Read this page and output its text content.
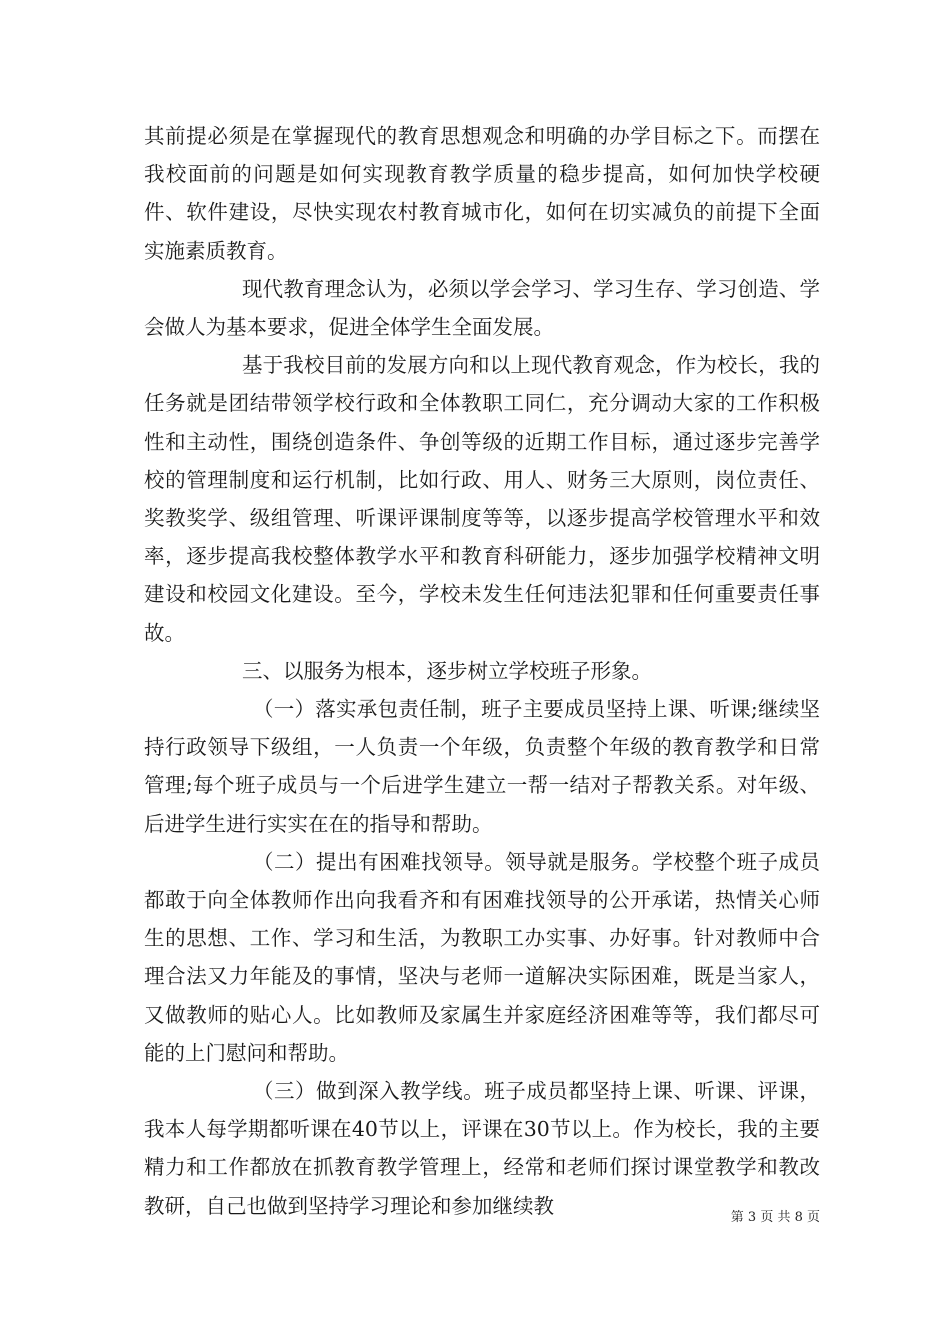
其前提必须是在掌握现代的教育思想观念和明确的办学目标之下。而摆在我校面前的问题是如何实现教育教学质量的稳步提高，如何加快学校硬件、软件建设，尽快实现农村教育城市化，如何在切实减负的前提下全面实施素质教育。

现代教育理念认为，必须以学会学习、学习生存、学习创造、学会做人为基本要求，促进全体学生全面发展。

基于我校目前的发展方向和以上现代教育观念，作为校长，我的任务就是团结带领学校行政和全体教职工同仁，充分调动大家的工作积极性和主动性，围绕创造条件、争创等级的近期工作目标，通过逐步完善学校的管理制度和运行机制，比如行政、用人、财务三大原则，岗位责任、奖教奖学、级组管理、听课评课制度等等，以逐步提高学校管理水平和效率，逐步提高我校整体教学水平和教育科研能力，逐步加强学校精神文明建设和校园文化建设。至今，学校未发生任何违法犯罪和任何重要责任事故。

三、以服务为根本，逐步树立学校班子形象。

（一）落实承包责任制，班子主要成员坚持上课、听课;继续坚持行政领导下级组，一人负责一个年级，负责整个年级的教育教学和日常管理;每个班子成员与一个后进学生建立一帮一结对子帮教关系。对年级、后进学生进行实实在在的指导和帮助。

（二）提出有困难找领导。领导就是服务。学校整个班子成员都敢于向全体教师作出向我看齐和有困难找领导的公开承诺，热情关心师生的思想、工作、学习和生活，为教职工办实事、办好事。针对教师中合理合法又力年能及的事情，坚决与老师一道解决实际困难，既是当家人，又做教师的贴心人。比如教师及家属生并家庭经济困难等等，我们都尽可能的上门慰问和帮助。

（三）做到深入教学线。班子成员都坚持上课、听课、评课，我本人每学期都听课在40节以上，评课在30节以上。作为校长，我的主要精力和工作都放在抓教育教学管理上，经常和老师们探讨课堂教学和教改教研，自己也做到坚持学习理论和参加继续教	第 3 页 共 8 页
